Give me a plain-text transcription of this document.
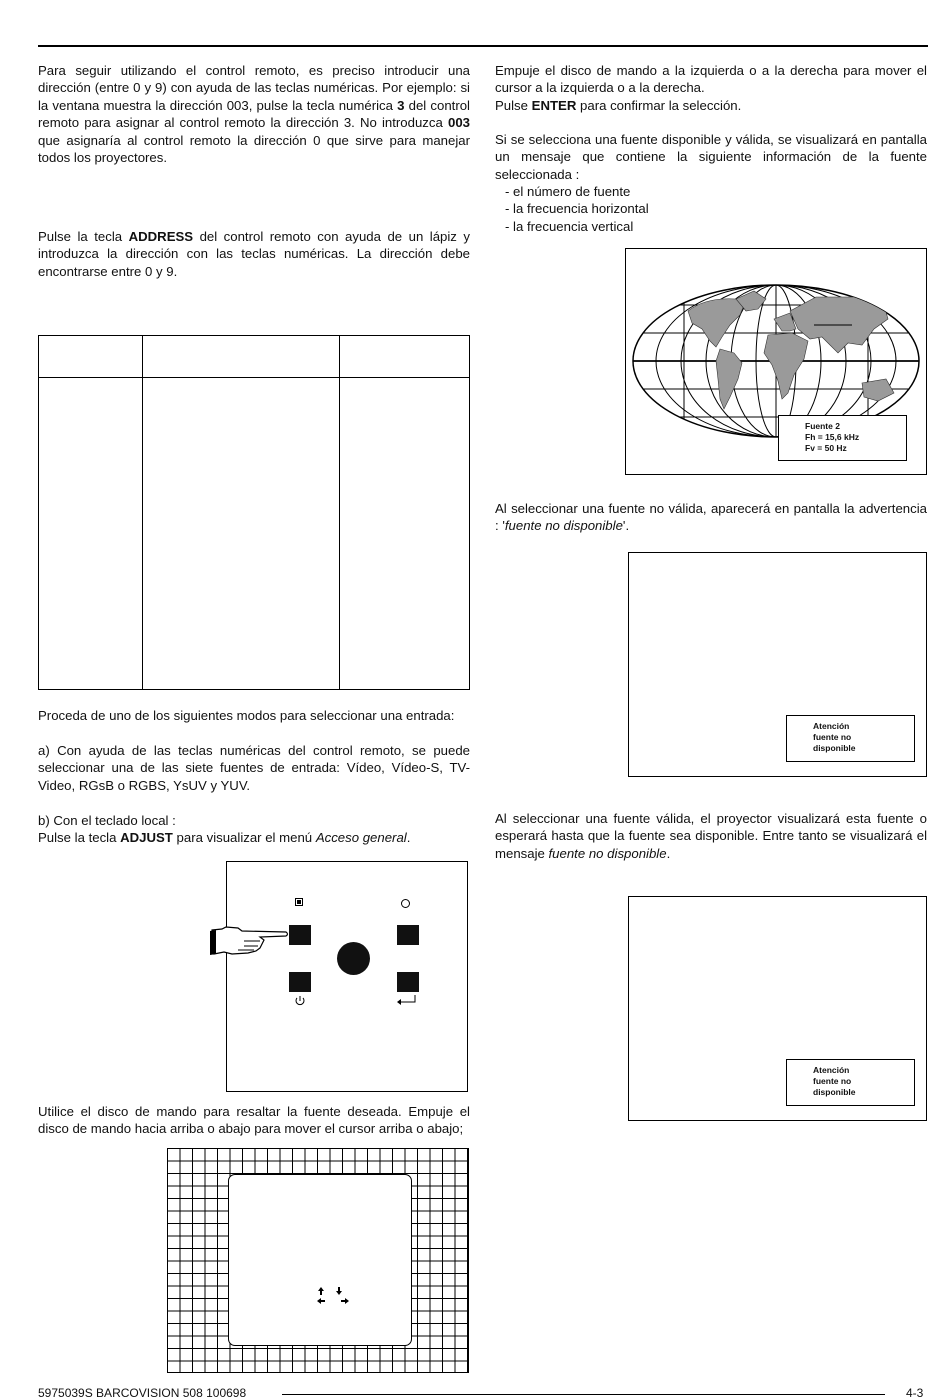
Para seguir utilizando el control remoto, es preciso introducir una dirección (entre 0 y 9) con ayuda de las teclas numéricas. Por ejemplo: si la ventana muestra la dirección 003, pulse la tecla numérica 3 del control remoto para asignar al control remoto la dirección 3. No introduzca 003 que asignaría al control remoto la dirección 0 que sirve para manejar todos los proyectores.

Pulse la tecla ADDRESS del control remoto con ayuda de un lápiz y introduzca la dirección con las teclas numéricas. La dirección debe encontrarse entre 0 y 9.

Proceda de uno de los siguientes modos para seleccionar una entrada:

a) Con ayuda de las teclas numéricas del control remoto, se puede seleccionar una de las siete fuentes de entrada: Vídeo, Vídeo-S, TV-Video, RGsB o RGBS, YsUV y YUV.

b) Con el teclado local :

Pulse la tecla ADJUST para visualizar el menú Acceso general.

Utilice el disco de mando para resaltar la fuente deseada. Empuje el disco de mando hacia arriba o abajo para mover el cursor arriba o abajo;

Empuje el disco de mando a la izquierda o a la derecha para mover el cursor a la izquierda o a la derecha.

Pulse ENTER para confirmar la selección.

Si se selecciona una fuente disponible y válida, se visualizará en pantalla un mensaje que contiene la siguiente información de la fuente seleccionada :

- el número de fuente
- la frecuencia horizontal
- la frecuencia vertical
Fuente 2
Fh = 15,6 kHz
Fv = 50 Hz

Al seleccionar una fuente no válida, aparecerá en pantalla la advertencia : 'fuente no disponible'.

Atención
fuente no
disponible

Al seleccionar una fuente válida, el proyector visualizará esta fuente o esperará hasta que la fuente sea disponible. Entre tanto se visualizará el mensaje fuente no disponible.

Atención
fuente no
disponible
5975039S BARCOVISION 508 100698	4-3
